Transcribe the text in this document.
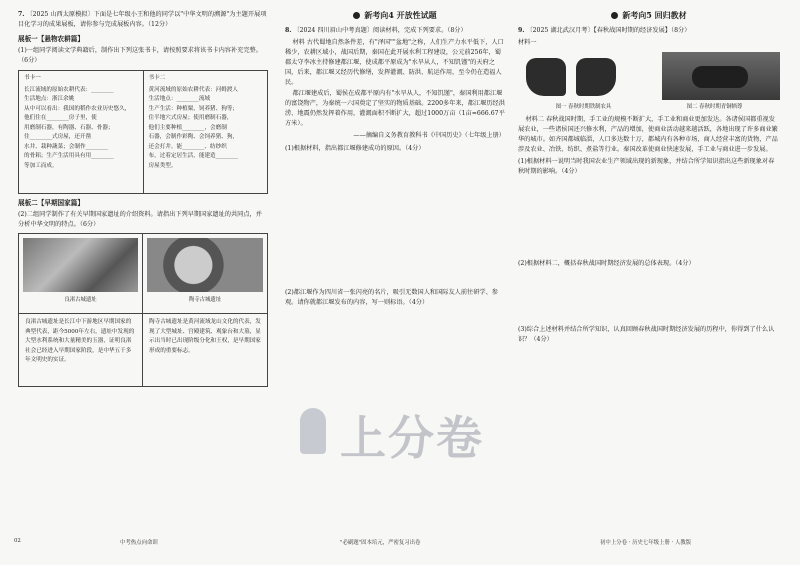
7. 〔2025 山西太原模拟〕下面是七年级小王和他的同学以"中华文明的溯源"为主题开展项目化学习的成果展板，请你参与完成展板内容。（12分）
展板一【悬物农耕篇】
(1)一组同学阅读文学典籍后，制作出下列这张书卡，请按照要求将该书卡内容补充完整。（6分）
书卡一
长江流域的原始农耕代表：________
生活地点：浙江余姚
从中可以看出：我国的稻作农业历史悠久，
他们住在________房子里，使
用磨制石器，有陶器、石器、骨器；
住________式房屋，还开凿
水井、栽种蔬菜；会制作________
的骨耜；生产生活用具有用________
等加工而成。
书卡二
黄河流域的原始农耕代表：河姆渡人
生活地点：________流域
生产生活：种植粟，饲养猪、狗等；
住半地穴式房屋；使用磨制石器，
他们主要种植________，会磨制
石器，会制作彩陶、会饲养猪、狗，
还会打井。能________、纺纱织
布，过着定居生活，能建造________
房屋类型。
展板二【早期国家篇】
(2)二组同学制作了有关早期国家遗址的介绍资料。请指出下列早期国家遗址的共同点，并分析中华文明的特点。（6分）
良渚古城遗址	陶寺古城遗址
良渚古城遗址是长江中下游地区早期国家的典型代表，距今5000年左右，遗址中发现的大型水利系统和大量精美的玉器，证明良渚社会已经进入早期国家阶段，是中华五千多年文明史的实证。
陶寺古城遗址是黄河流域龙山文化的代表，发现了大型城址、宫殿建筑、观象台和大墓，显示出当时已出现阶级分化和王权，是早期国家形成的重要标志。
新考向4 开放性试题
8. 〔2024 四川眉山中考真题〕阅读材料，完成下列要求。（8分）
材料 古代蜀地自然条件差，有"泽国""盆地"之称，人们生产力水平低下，人口稀少，农耕区域小，战国后期，秦国在此开展水利工程建设，公元前256年，蜀郡太守李冰主持修建都江堰，使成都平原成为"水旱从人，不知饥馑"的天府之国，后来，都江堰又经历代修缮，发挥灌溉、防洪、航运作用，至今仍在造福人民。
都江堰建成后，蜀侯在成都平原内有"水旱从人，不知饥馑"，秦国利用都江堰的富饶物产，为秦统一六国奠定了坚实的物质基础。2200多年来，都江堰历经洪涝、地震仍然发挥着作用，灌溉面积不断扩大，超过1000万亩（1亩≈666.67平方米）。
——摘编自义务教育教科书《中国历史》（七年级上册）
(1)根据材料，指出都江堰修建成功的原因。（4分）
(2)都江堰作为四川省一张闪亮的名片，吸引无数国人和国际友人前往研学、参观。请你就都江堰发布的内容，写一则标语。（4分）
上分卷
新考向5 回归教材
9. 〔2025 湖北武汉月考〕【春秋战国时期的经济发展】（8分）
材料一
图一 春秋时期铁制农具	图二 春秋时期青铜牺尊
材料二 春秋战国时期，手工业的规模不断扩大，手工业和商业更加发达。各诸侯国都重视发展农业，一些诸侯国还兴修水利，产品的增加，使商业活动越来越活跃，各地出现了许多商业繁华的城市。如齐国都城临淄，人口多达数十万，都城内有各种市场，商人经营丰富的货物，产品涉及农业、冶铁、纺织、煮盐等行业。秦国改革使商业快速发展，手工业与商业进一步发展。
(1)根据材料一说明当时我国农业生产领域出现的新现象，并结合所学知识指出这些新现象对春秋时期的影响。（4分）
(2)根据材料二，概括春秋战国时期经济发展的总体表现。（4分）
(3)综合上述材料并结合所学知识，认真回顾春秋战国时期经济发展的历程中，你得到了什么认识？（4分）
02	中考热点向命训	"必刷题"固本培元，严密复习出卷	初中上分卷 · 历史七年级上册 · 人教版
